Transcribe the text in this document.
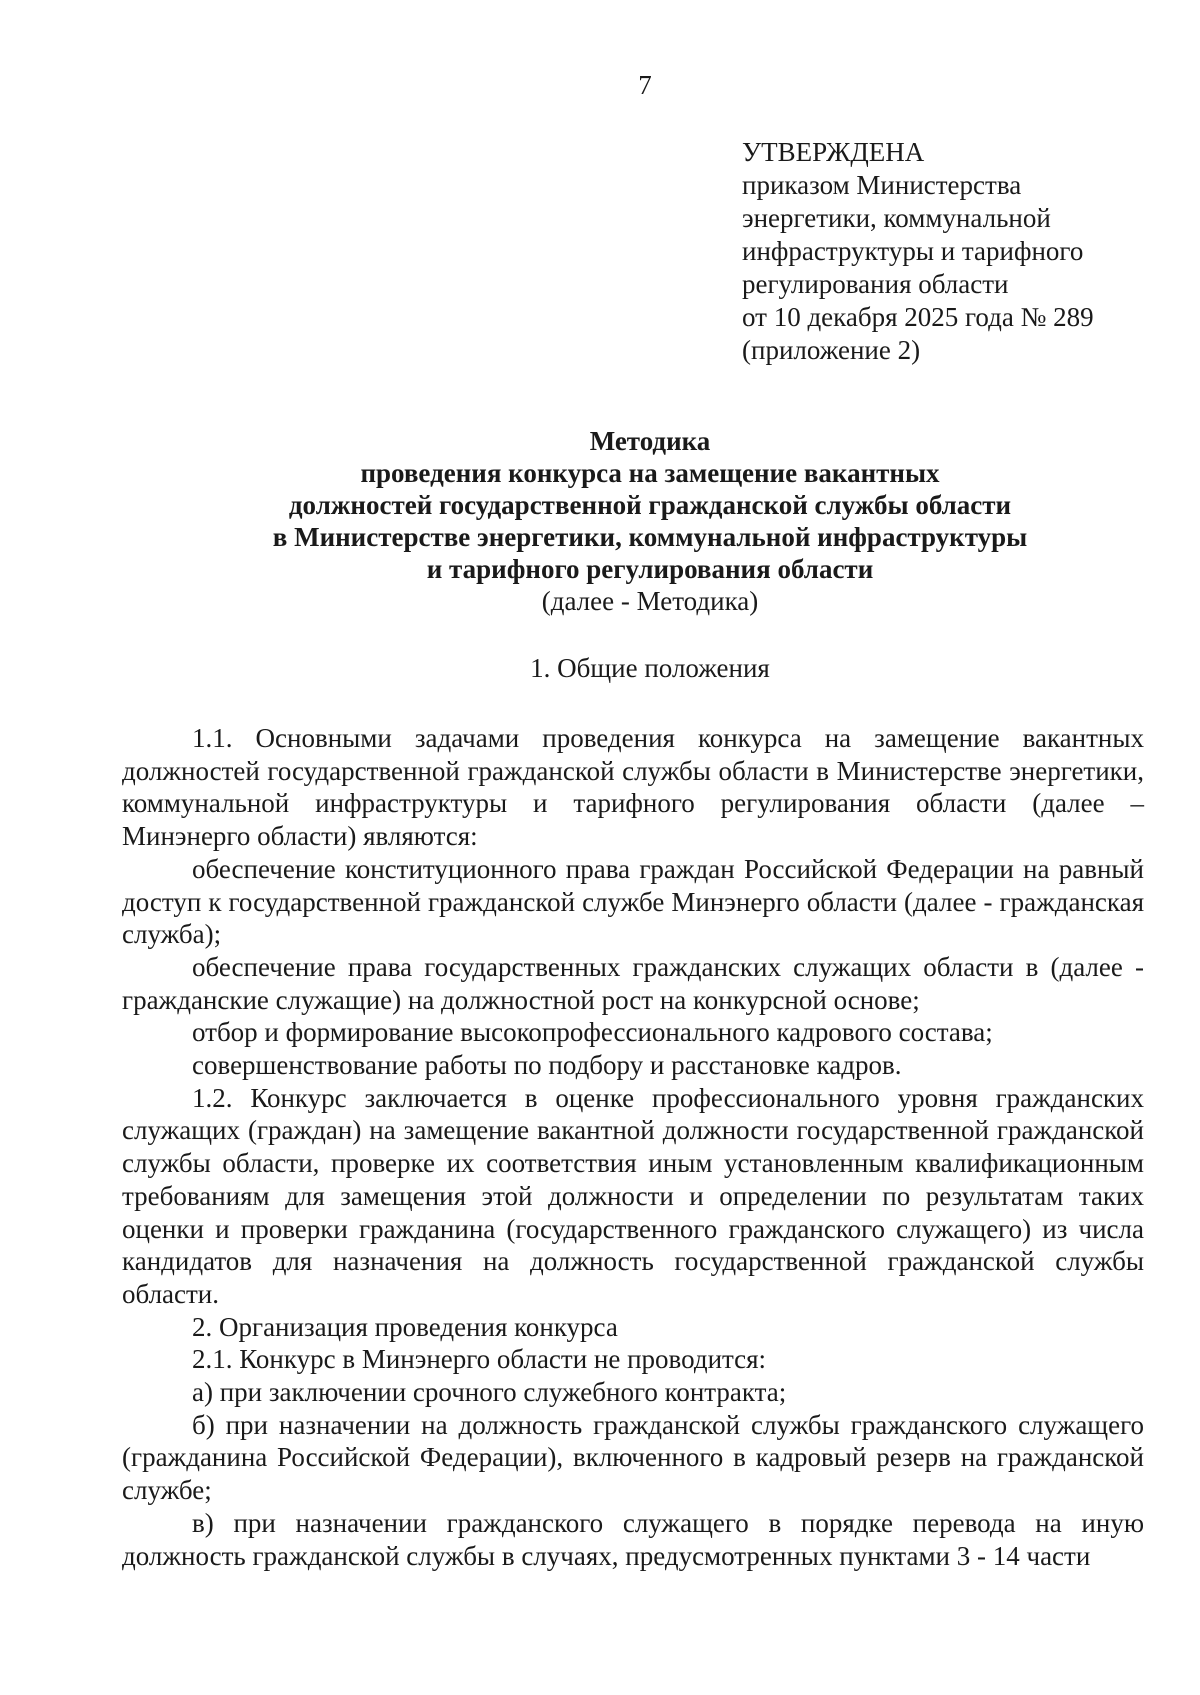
7
УТВЕРЖДЕНА
приказом Министерства
энергетики, коммунальной
инфраструктуры и тарифного
регулирования области
от 10 декабря 2025 года № 289
(приложение 2)
Методика
проведения конкурса на замещение вакантных
должностей государственной гражданской службы области
в Министерстве энергетики, коммунальной инфраструктуры
и тарифного регулирования области
(далее - Методика)
1. Общие положения

1.1. Основными задачами проведения конкурса на замещение вакантных должностей государственной гражданской службы области в Министерстве энергетики, коммунальной инфраструктуры и тарифного регулирования области (далее – Минэнерго области) являются:

обеспечение конституционного права граждан Российской Федерации на равный доступ к государственной гражданской службе Минэнерго области (далее - гражданская служба);

обеспечение права государственных гражданских служащих области в (далее - гражданские служащие) на должностной рост на конкурсной основе;

отбор и формирование высокопрофессионального кадрового состава;

совершенствование работы по подбору и расстановке кадров.

1.2. Конкурс заключается в оценке профессионального уровня гражданских служащих (граждан) на замещение вакантной должности государственной гражданской службы области, проверке их соответствия иным установленным квалификационным требованиям для замещения этой должности и определении по результатам таких оценки и проверки гражданина (государственного гражданского служащего) из числа кандидатов для назначения на должность государственной гражданской службы области.

2. Организация проведения конкурса

2.1. Конкурс в Минэнерго области не проводится:

а) при заключении срочного служебного контракта;

б) при назначении на должность гражданской службы гражданского служащего (гражданина Российской Федерации), включенного в кадровый резерв на гражданской службе;

в) при назначении гражданского служащего в порядке перевода на иную должность гражданской службы в случаях, предусмотренных пунктами 3 - 14 части
